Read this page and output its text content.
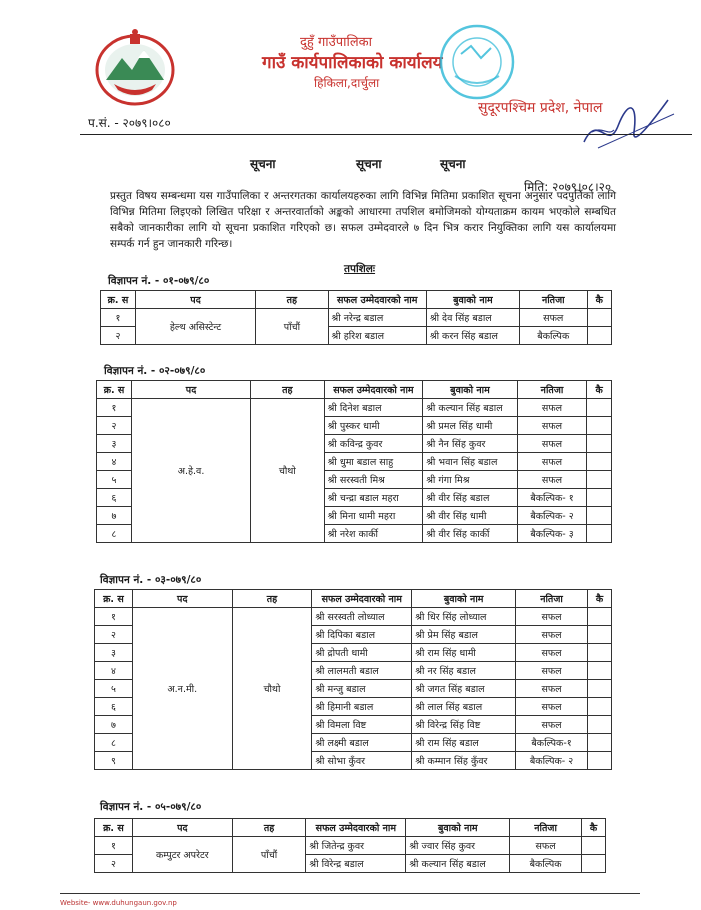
दुहुँ गाउँपालिका
गाउँ कार्यपालिकाको कार्यालय
हिकिला,दार्चुला
सुदूरपश्चिम प्रदेश, नेपाल
प.सं. - २०७९।०८०
सूचना	सूचना	सूचना
मिति: २०७९।०८।२०
प्रस्तुत विषय सम्बन्धमा यस गाउँपालिका र अन्तरगतका कार्यालयहरुका लागि विभिन्न मितिमा प्रकाशित सूचना अनुसार पदपुर्तिको लागि विभिन्न मितिमा लिइएको लिखित परिक्षा र अन्तरवार्ताको अङ्कको आधारमा तपशिल बमोजिमको योग्यताक्रम कायम भएकोले सम्बधित सबैको जानकारीका लागि यो सूचना प्रकाशित गरिएको छ। सफल उम्मेदवारले ७ दिन भित्र करार नियुक्तिका लागि यस कार्यालयमा सम्पर्क गर्न हुन जानकारी गरिन्छ।
तपशिलः
विज्ञापन नं. - ०१-०७९/८०
क्र. स	पद	तह	सफल उम्मेदवारको नाम	बुवाको नाम	नतिजा	कै
१	हेल्थ असिस्टेन्ट	पाँचौं	श्री नरेन्द्र बडाल	श्री देव सिंह बडाल	सफल	
२			श्री हरिश बडाल	श्री करन सिंह बडाल	बैकल्पिक	
विज्ञापन नं. - ०२-०७९/८०
क्र. स	पद	तह	सफल उम्मेदवारको नाम	बुवाको नाम	नतिजा	कै
१	अ.हे.व.	चौथो	श्री दिनेश बडाल	श्री कल्यान सिंह बडाल	सफल	
२			श्री पुस्कर धामी	श्री प्रमल सिंह धामी	सफल	
३			श्री कविन्द्र कुवर	श्री नैन सिंह कुवर	सफल	
४			श्री धुमा बडाल साहु	श्री भवान सिंह बडाल	सफल	
५			श्री सरस्वती मिश्र	श्री गंगा मिश्र	सफल	
६			श्री चन्द्रा बडाल महरा	श्री वीर सिंह बडाल	बैकल्पिक- १	
७			श्री मिना धामी महरा	श्री वीर सिंह धामी	बैकल्पिक- २	
८			श्री नरेश कार्की	श्री वीर सिंह कार्की	बैकल्पिक- ३	
विज्ञापन नं. - ०३-०७९/८०
क्र. स	पद	तह	सफल उम्मेदवारको नाम	बुवाको नाम	नतिजा	कै
१	अ.न.मी.	चौथो	श्री सरस्वती लोध्याल	श्री धिर सिंह लोध्याल	सफल	
२			श्री दिपिका बडाल	श्री प्रेम सिंह बडाल	सफल	
३			श्री द्रोपती धामी	श्री राम सिंह धामी	सफल	
४			श्री लालमती बडाल	श्री नर सिंह बडाल	सफल	
५			श्री मन्जु बडाल	श्री जगत सिंह बडाल	सफल	
६			श्री हिमानी बडाल	श्री लाल सिंह बडाल	सफल	
७			श्री विमला विष्ट	श्री विरेन्द्र सिंह विष्ट	सफल	
८			श्री लक्ष्मी बडाल	श्री राम सिंह बडाल	बैकल्पिक-१	
९			श्री सोभा कुँवर	श्री कम्मान सिंह कुँवर	बैकल्पिक- २	
विज्ञापन नं. - ०५-०७९/८०
क्र. स	पद	तह	सफल उम्मेदवारको नाम	बुवाको नाम	नतिजा	कै
१	कम्पुटर अपरेटर	पाँचौं	श्री जितेन्द्र कुवर	श्री ज्वार सिंह कुवर	सफल	
२			श्री विरेन्द्र बडाल	श्री कल्यान सिंह बडाल	बैकल्पिक	
Website- www.duhungaun.gov.np
